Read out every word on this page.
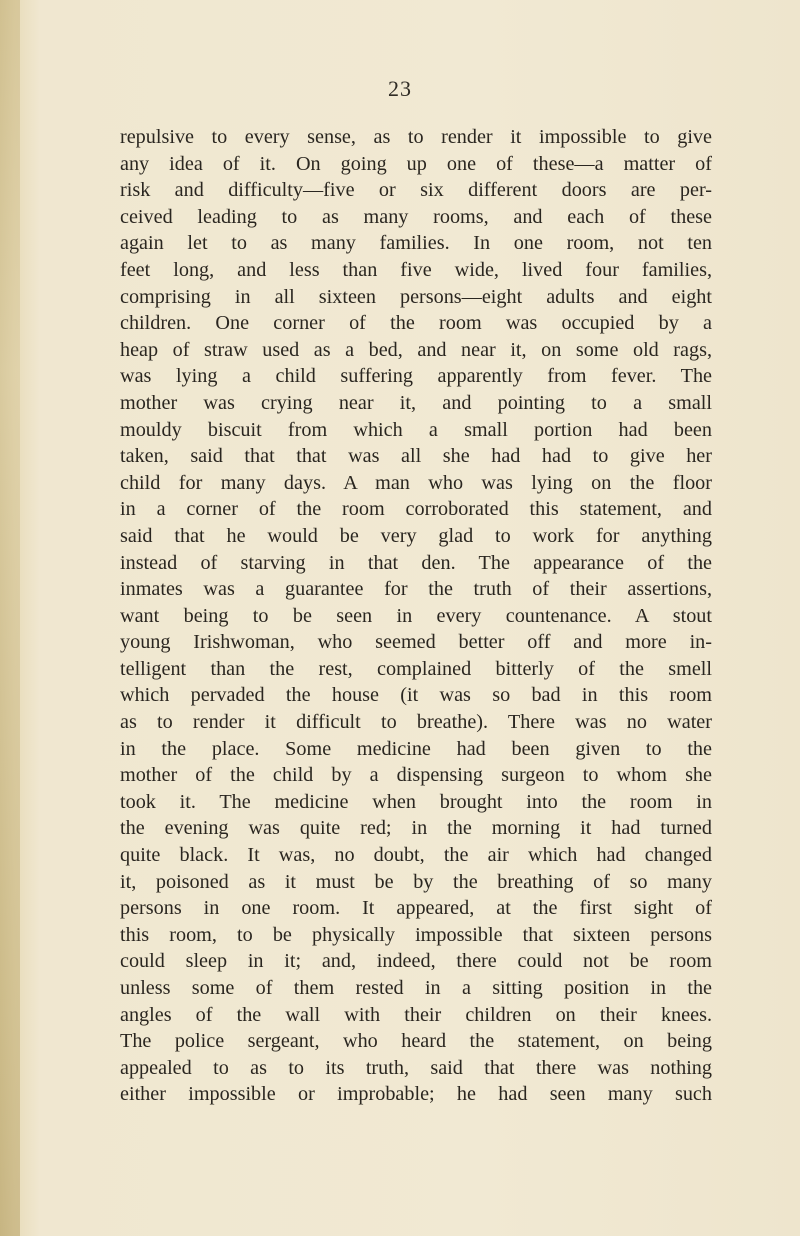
23
repulsive to every sense, as to render it impossible to give
any idea of it. On going up one of these—a matter of
risk and difficulty—five or six different doors are per-
ceived leading to as many rooms, and each of these
again let to as many families. In one room, not ten
feet long, and less than five wide, lived four families,
comprising in all sixteen persons—eight adults and eight
children. One corner of the room was occupied by a
heap of straw used as a bed, and near it, on some old rags,
was lying a child suffering apparently from fever. The
mother was crying near it, and pointing to a small
mouldy biscuit from which a small portion had been
taken, said that that was all she had had to give her
child for many days. A man who was lying on the floor
in a corner of the room corroborated this statement, and
said that he would be very glad to work for anything
instead of starving in that den. The appearance of the
inmates was a guarantee for the truth of their assertions,
want being to be seen in every countenance. A stout
young Irishwoman, who seemed better off and more in-
telligent than the rest, complained bitterly of the smell
which pervaded the house (it was so bad in this room
as to render it difficult to breathe). There was no water
in the place. Some medicine had been given to the
mother of the child by a dispensing surgeon to whom she
took it. The medicine when brought into the room in
the evening was quite red; in the morning it had turned
quite black. It was, no doubt, the air which had changed
it, poisoned as it must be by the breathing of so many
persons in one room. It appeared, at the first sight of
this room, to be physically impossible that sixteen persons
could sleep in it; and, indeed, there could not be room
unless some of them rested in a sitting position in the
angles of the wall with their children on their knees.
The police sergeant, who heard the statement, on being
appealed to as to its truth, said that there was nothing
either impossible or improbable; he had seen many such
